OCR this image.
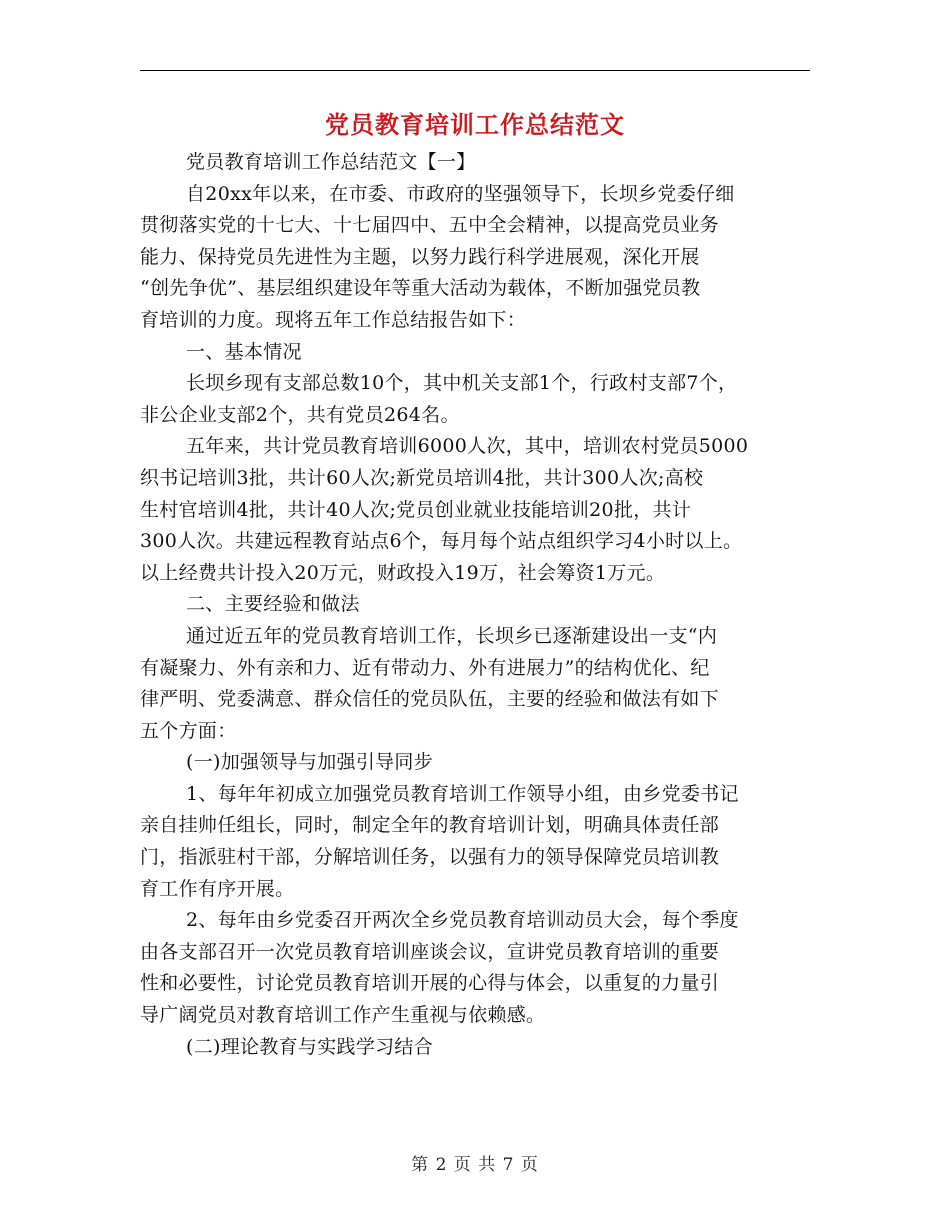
党员教育培训工作总结范文
党员教育培训工作总结范文【一】
自20xx年以来，在市委、市政府的坚强领导下，长坝乡党委仔细
贯彻落实党的十七大、十七届四中、五中全会精神，以提高党员业务
能力、保持党员先进性为主题，以努力践行科学进展观，深化开展
“创先争优”、基层组织建设年等重大活动为载体，不断加强党员教
育培训的力度。现将五年工作总结报告如下：
一、基本情况
长坝乡现有支部总数10个，其中机关支部1个，行政村支部7个，
非公企业支部2个，共有党员264名。
五年来，共计党员教育培训6000人次，其中，培训农村党员5000
织书记培训3批，共计60人次;新党员培训4批，共计300人次;高校
生村官培训4批，共计40人次;党员创业就业技能培训20批，共计
300人次。共建远程教育站点6个，每月每个站点组织学习4小时以上。
以上经费共计投入20万元，财政投入19万，社会筹资1万元。
二、主要经验和做法
通过近五年的党员教育培训工作，长坝乡已逐渐建设出一支“内
有凝聚力、外有亲和力、近有带动力、外有进展力”的结构优化、纪
律严明、党委满意、群众信任的党员队伍，主要的经验和做法有如下
五个方面：
(一)加强领导与加强引导同步
1、每年年初成立加强党员教育培训工作领导小组，由乡党委书记
亲自挂帅任组长，同时，制定全年的教育培训计划，明确具体责任部
门，指派驻村干部，分解培训任务，以强有力的领导保障党员培训教
育工作有序开展。
2、每年由乡党委召开两次全乡党员教育培训动员大会，每个季度
由各支部召开一次党员教育培训座谈会议，宣讲党员教育培训的重要
性和必要性，讨论党员教育培训开展的心得与体会，以重复的力量引
导广阔党员对教育培训工作产生重视与依赖感。
(二)理论教育与实践学习结合
第 2 页 共 7 页
